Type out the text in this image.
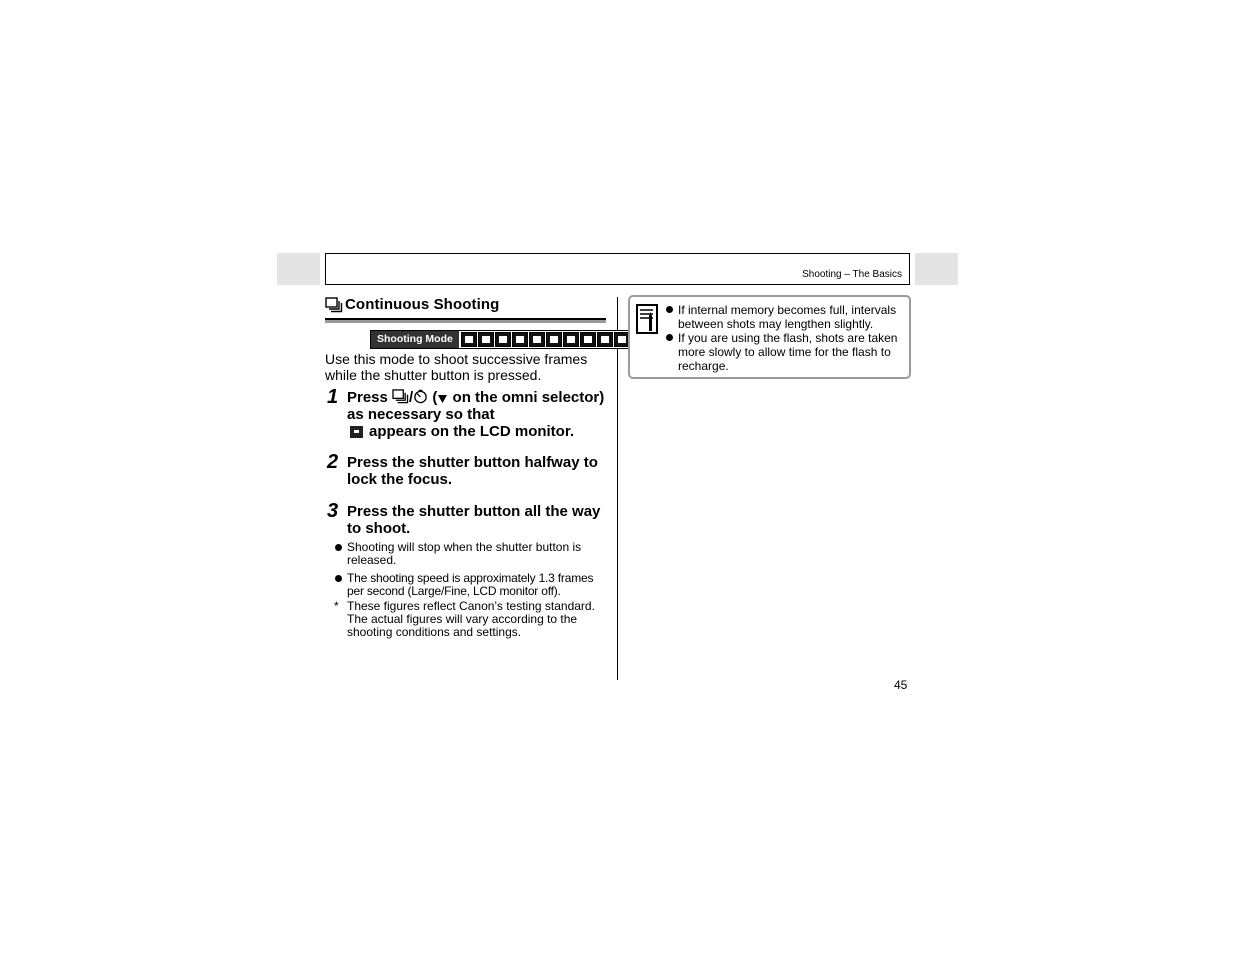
Shooting – The Basics
Continuous Shooting
Shooting Mode
Use this mode to shoot successive frames while the shutter button is pressed.
1 Press / ( on the omni selector) as necessary so that
appears on the LCD monitor.
2 Press the shutter button halfway to lock the focus.
3 Press the shutter button all the way to shoot.
Shooting will stop when the shutter button is released.
The shooting speed is approximately 1.3 frames per second (Large/Fine, LCD monitor off).
* These figures reflect Canon’s testing standard. The actual figures will vary according to the shooting conditions and settings.
If internal memory becomes full, intervals between shots may lengthen slightly.
If you are using the flash, shots are taken more slowly to allow time for the flash to recharge.
45
